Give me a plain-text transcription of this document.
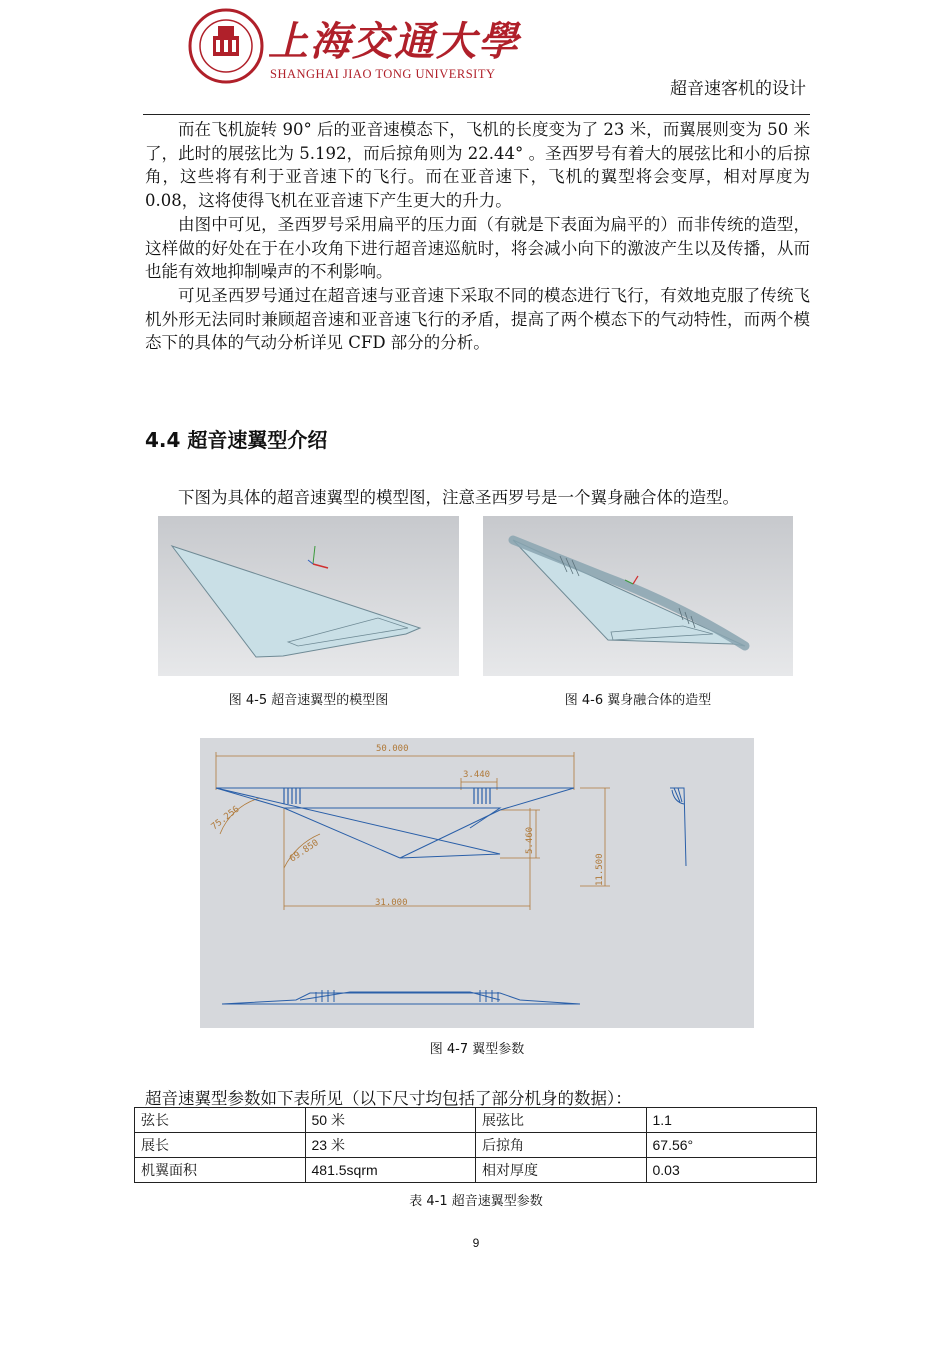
上海交通大學
SHANGHAI JIAO TONG UNIVERSITY
超音速客机的设计

而在飞机旋转 90° 后的亚音速模态下，飞机的长度变为了 23 米，而翼展则变为 50 米了，此时的展弦比为 5.192，而后掠角则为 22.44° 。圣西罗号有着大的展弦比和小的后掠角，这些将有利于亚音速下的飞行。而在亚音速下，飞机的翼型将会变厚，相对厚度为 0.08，这将使得飞机在亚音速下产生更大的升力。

由图中可见，圣西罗号采用扁平的压力面（有就是下表面为扁平的）而非传统的造型，这样做的好处在于在小攻角下进行超音速巡航时，将会减小向下的激波产生以及传播，从而也能有效地抑制噪声的不利影响。

可见圣西罗号通过在超音速与亚音速下采取不同的模态进行飞行，有效地克服了传统飞机外形无法同时兼顾超音速和亚音速飞行的矛盾，提高了两个模态下的气动特性，而两个模态下的具体的气动分析详见 CFD 部分的分析。

4.4 超音速翼型介绍
下图为具体的超音速翼型的模型图，注意圣西罗号是一个翼身融合体的造型。
图 4-5 超音速翼型的模型图	图 4-6 翼身融合体的造型
50.000
3.440
31.000
5.460
11.500
75.256
69.850
图 4-7 翼型参数
超音速翼型参数如下表所见（以下尺寸均包括了部分机身的数据）：
弦长	50 米	展弦比	1.1
展长	23 米	后掠角	67.56°
机翼面积	481.5sqrm	相对厚度	0.03
表 4-1 超音速翼型参数
9
